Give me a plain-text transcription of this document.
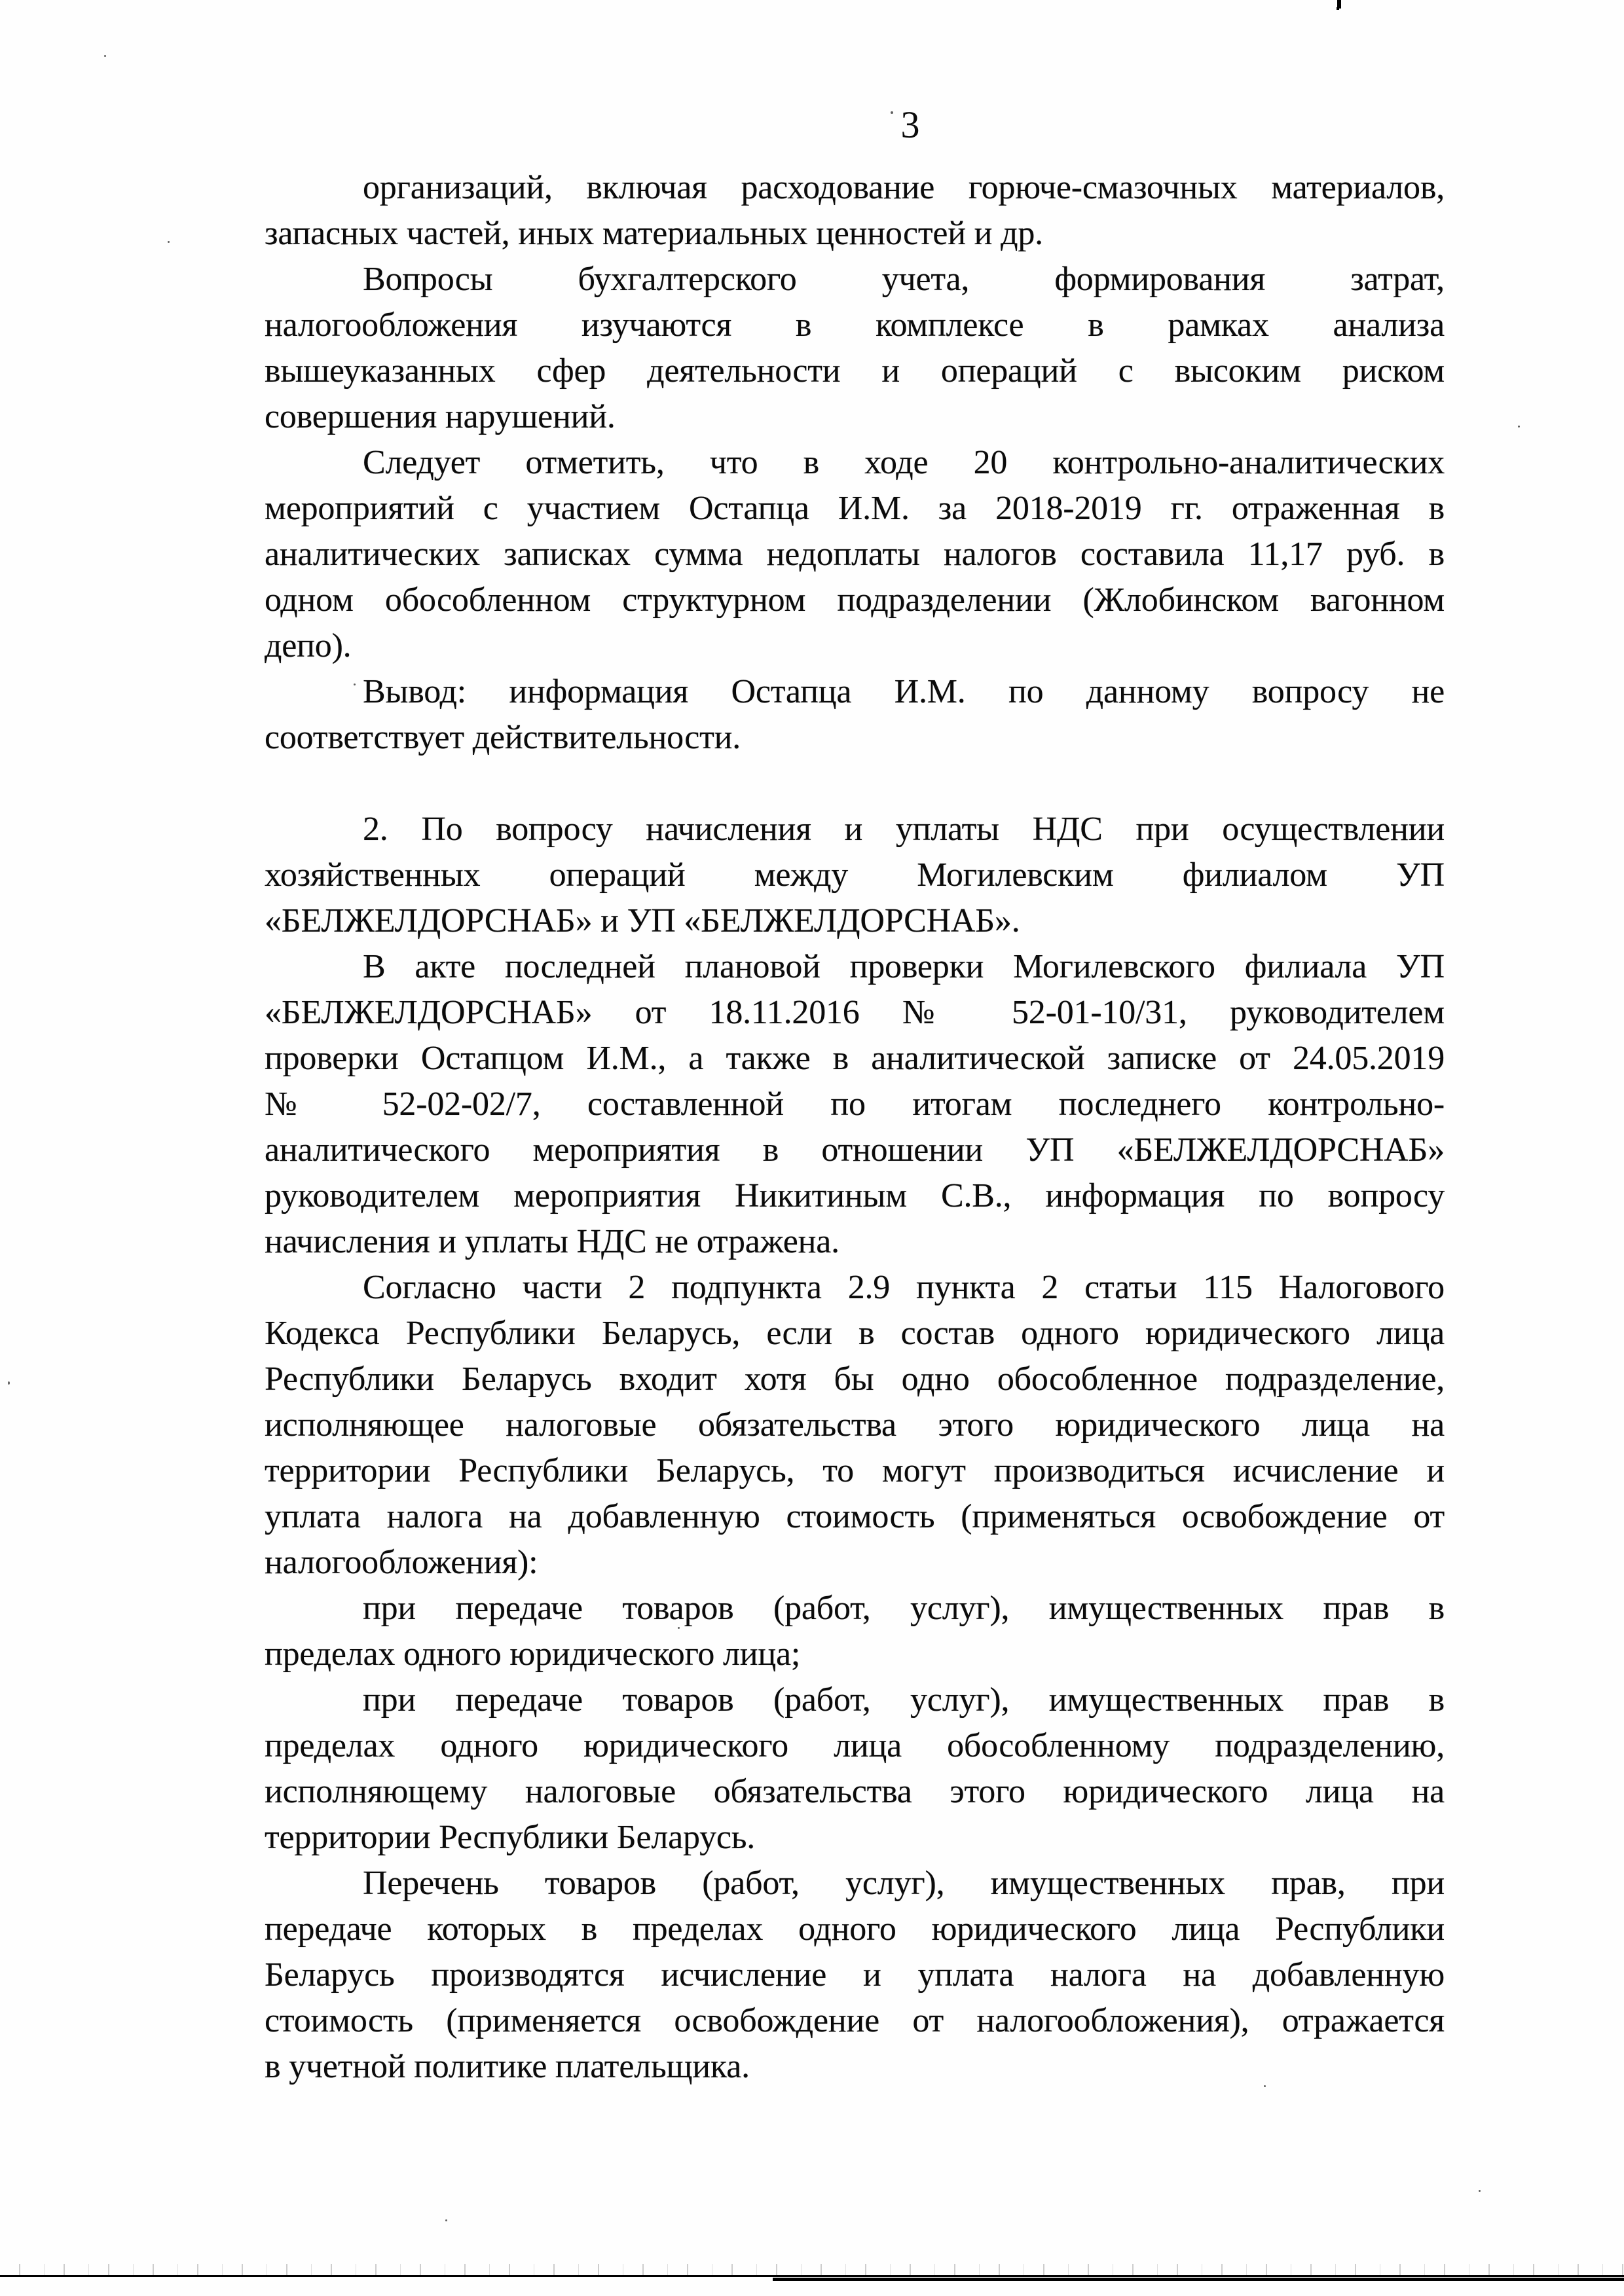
3
организаций, включая расходование горюче-смазочных материалов,
запасных частей, иных материальных ценностей и др.
Вопросы бухгалтерского учета, формирования затрат,
налогообложения изучаются в комплексе в рамках анализа
вышеуказанных сфер деятельности и операций с высоким риском
совершения нарушений.
Следует отметить, что в ходе 20 контрольно-аналитических
мероприятий с участием Остапца И.М. за 2018-2019 гг. отраженная в
аналитических записках сумма недоплаты налогов составила 11,17 руб. в
одном обособленном структурном подразделении (Жлобинском вагонном
депо).
Вывод: информация Остапца И.М. по данному вопросу не
соответствует действительности.
2. По вопросу начисления и уплаты НДС при осуществлении
хозяйственных операций между Могилевским филиалом УП
«БЕЛЖЕЛДОРСНАБ» и УП «БЕЛЖЕЛДОРСНАБ».
В акте последней плановой проверки Могилевского филиала УП
«БЕЛЖЕЛДОРСНАБ» от 18.11.2016 № 52-01-10/31, руководителем
проверки Остапцом И.М., а также в аналитической записке от 24.05.2019
№ 52-02-02/7, составленной по итогам последнего контрольно-
аналитического мероприятия в отношении УП «БЕЛЖЕЛДОРСНАБ»
руководителем мероприятия Никитиным С.В., информация по вопросу
начисления и уплаты НДС не отражена.
Согласно части 2 подпункта 2.9 пункта 2 статьи 115 Налогового
Кодекса Республики Беларусь, если в состав одного юридического лица
Республики Беларусь входит хотя бы одно обособленное подразделение,
исполняющее налоговые обязательства этого юридического лица на
территории Республики Беларусь, то могут производиться исчисление и
уплата налога на добавленную стоимость (применяться освобождение от
налогообложения):
при передаче товаров (работ, услуг), имущественных прав в
пределах одного юридического лица;
при передаче товаров (работ, услуг), имущественных прав в
пределах одного юридического лица обособленному подразделению,
исполняющему налоговые обязательства этого юридического лица на
территории Республики Беларусь.
Перечень товаров (работ, услуг), имущественных прав, при
передаче которых в пределах одного юридического лица Республики
Беларусь производятся исчисление и уплата налога на добавленную
стоимость (применяется освобождение от налогообложения), отражается
в учетной политике плательщика.
